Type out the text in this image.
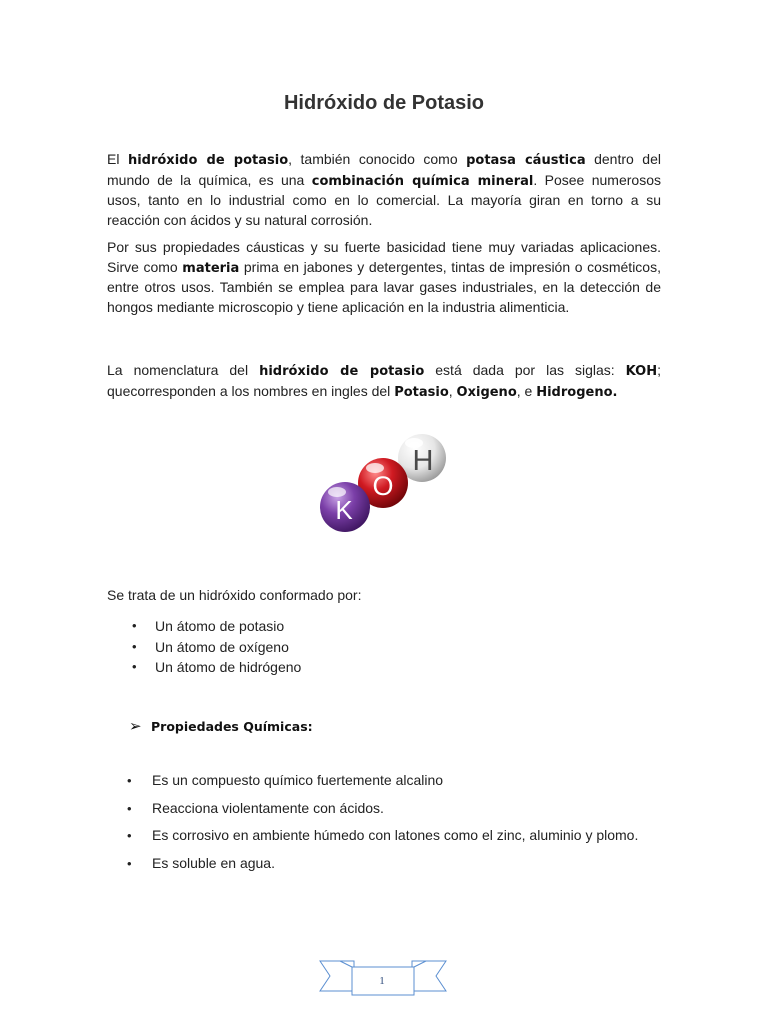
Hidróxido de Potasio

El hidróxido de potasio, también conocido como potasa cáustica dentro del mundo de la química, es una combinación química mineral. Posee numerosos usos, tanto en lo industrial como en lo comercial. La mayoría giran en torno a su reacción con ácidos y su natural corrosión.

Por sus propiedades cáusticas y su fuerte basicidad tiene muy variadas aplicaciones. Sirve como materia prima en jabones y detergentes, tintas de impresión o cosméticos, entre otros usos. También se emplea para lavar gases industriales, en la detección de hongos mediante microscopio y tiene aplicación en la industria alimenticia.

La nomenclatura del hidróxido de potasio está dada por las siglas: KOH; quecorresponden a los nombres en ingles del Potasio, Oxigeno, e Hidrogeno.

H
O
K

Se trata de un hidróxido conformado por:

• Un átomo de potasio
• Un átomo de oxígeno
• Un átomo de hidrógeno

➢ Propiedades Químicas:

• Es un compuesto químico fuertemente alcalino
• Reacciona violentamente con ácidos.
• Es corrosivo en ambiente húmedo con latones como el zinc, aluminio y plomo.
• Es soluble en agua.
1
